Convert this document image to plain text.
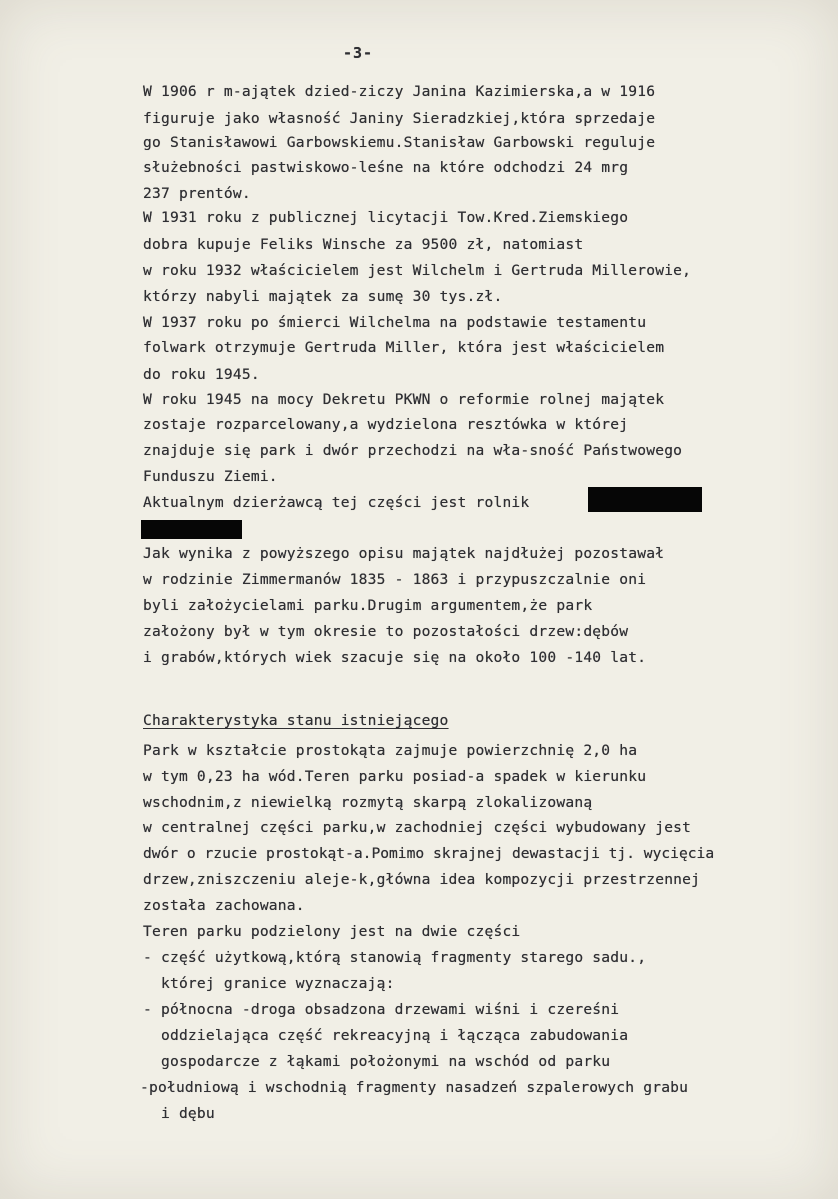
-3-
W 1906 r m-ajątek dzied-ziczy Janina Kazimierska,a w 1916
figuruje jako własność Janiny Sieradzkiej,która sprzedaje
go Stanisławowi Garbowskiemu.Stanisław Garbowski reguluje
służebności pastwiskowo-leśne na które odchodzi 24 mrg
237 prentów.
W 1931 roku z publicznej licytacji Tow.Kred.Ziemskiego
dobra kupuje Feliks Winsche za 9500 zł, natomiast
w roku 1932 właścicielem jest Wilchelm i Gertruda Millerowie,
którzy nabyli majątek za sumę 30 tys.zł.
W 1937 roku po śmierci Wilchelma na podstawie testamentu
folwark otrzymuje Gertruda Miller, która jest właścicielem
do roku 1945.
W roku 1945 na mocy Dekretu PKWN o reformie rolnej majątek
zostaje rozparcelowany,a wydzielona resztówka w której
znajduje się park i dwór przechodzi na wła-sność Państwowego
Funduszu Ziemi.
Aktualnym dzierżawcą tej części jest rolnik
Jak wynika z powyższego opisu majątek najdłużej pozostawał
w rodzinie Zimmermanów 1835 - 1863 i przypuszczalnie oni
byli założycielami parku.Drugim argumentem,że park
założony był w tym okresie to pozostałości drzew:dębów
i grabów,których wiek szacuje się na około 100 -140 lat.
Charakterystyka stanu istniejącego
Park w kształcie prostokąta zajmuje powierzchnię 2,0 ha
w tym 0,23 ha wód.Teren parku posiad-a spadek w kierunku
wschodnim,z niewielką rozmytą skarpą zlokalizowaną
w centralnej części parku,w zachodniej części wybudowany jest
dwór o rzucie prostokąt-a.Pomimo skrajnej dewastacji tj. wycięcia
drzew,zniszczeniu aleje-k,główna idea kompozycji przestrzennej
została zachowana.
Teren parku podzielony jest na dwie części
- część użytkową,którą stanowią fragmenty starego sadu.,
której granice wyznaczają:
- północna -droga obsadzona drzewami wiśni i czereśni
oddzielająca część rekreacyjną i łącząca zabudowania
gospodarcze z łąkami położonymi na wschód od parku
-południową i wschodnią fragmenty nasadzeń szpalerowych grabu
i dębu
